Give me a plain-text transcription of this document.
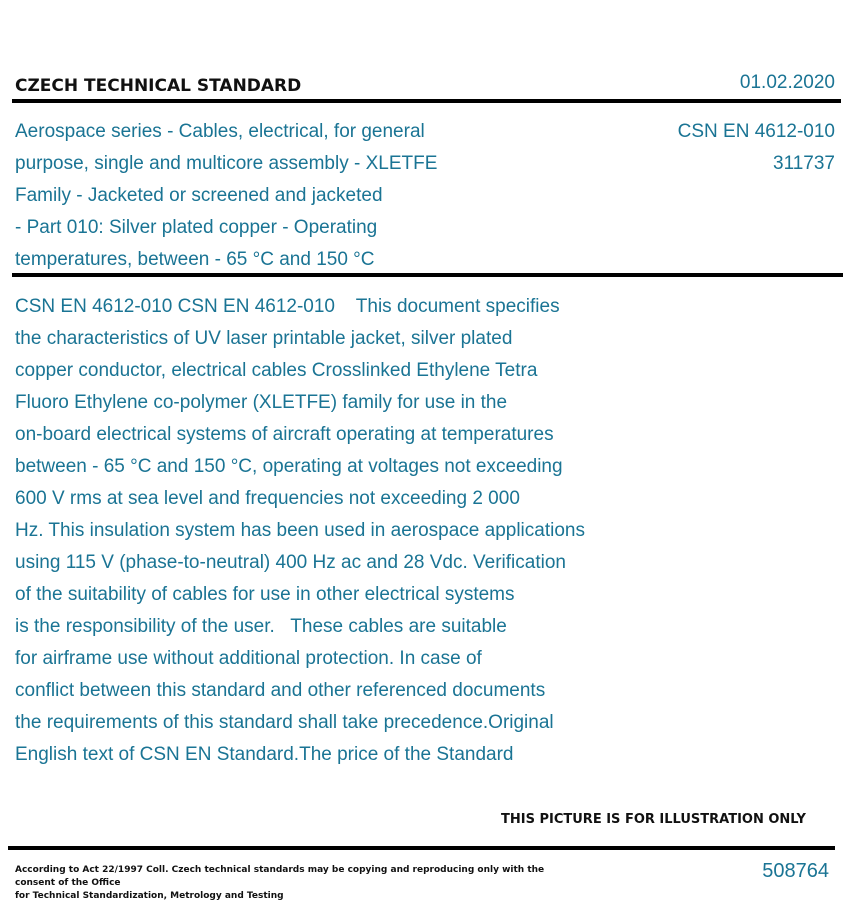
CZECH TECHNICAL STANDARD	01.02.2020
Aerospace series - Cables, electrical, for general
purpose, single and multicore assembly - XLETFE
Family - Jacketed or screened and jacketed
- Part 010: Silver plated copper - Operating
temperatures, between - 65 °C and 150 °C
CSN EN 4612-010
311737
CSN EN 4612-010 CSN EN 4612-010    This document specifies
the characteristics of UV laser printable jacket, silver plated
copper conductor, electrical cables Crosslinked Ethylene Tetra
Fluoro Ethylene co-polymer (XLETFE) family for use in the
on-board electrical systems of aircraft operating at temperatures
between - 65 °C and 150 °C, operating at voltages not exceeding
600 V rms at sea level and frequencies not exceeding 2 000
Hz. This insulation system has been used in aerospace applications
using 115 V (phase-to-neutral) 400 Hz ac and 28 Vdc. Verification
of the suitability of cables for use in other electrical systems
is the responsibility of the user.   These cables are suitable
for airframe use without additional protection. In case of
conflict between this standard and other referenced documents
the requirements of this standard shall take precedence.Original
English text of CSN EN Standard.The price of the Standard
THIS PICTURE IS FOR ILLUSTRATION ONLY
According to Act 22/1997 Coll. Czech technical standards may be copying and reproducing only with the consent of the Office
for Technical Standardization, Metrology and Testing
508764
